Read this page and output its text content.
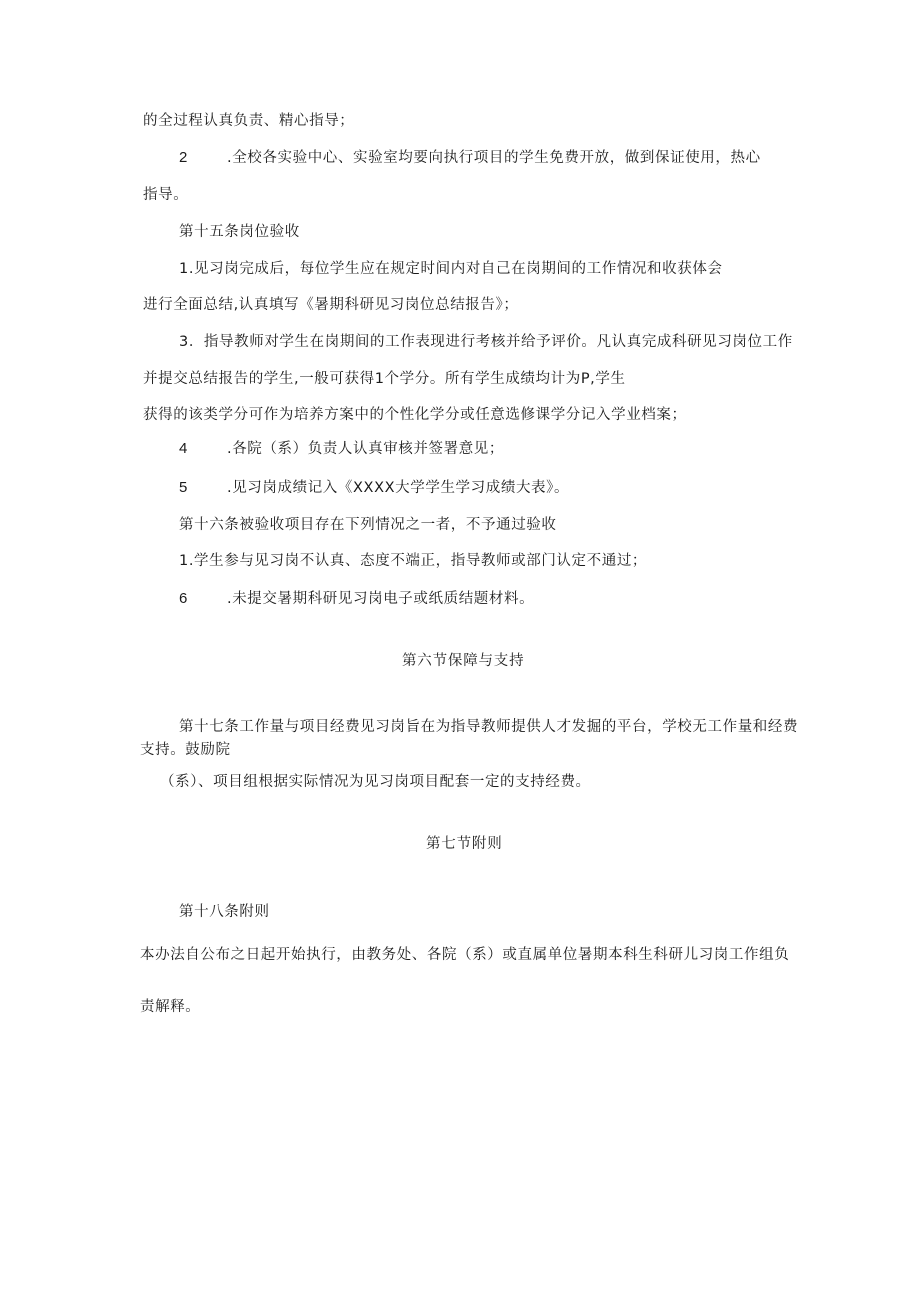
的全过程认真负责、精心指导；

2	.全校各实验中心、实验室均要向执行项目的学生免费开放，做到保证使用，热心

指导。

第十五条岗位验收

1.见习岗完成后，每位学生应在规定时间内对自己在岗期间的工作情况和收获体会

进行全面总结,认真填写《暑期科研见习岗位总结报告》；

3．指导教师对学生在岗期间的工作表现进行考核并给予评价。凡认真完成科研见习岗位工作

并提交总结报告的学生,一般可获得1个学分。所有学生成绩均计为P,学生

获得的该类学分可作为培养方案中的个性化学分或任意选修课学分记入学业档案；

4	.各院（系）负责人认真审核并签署意见；

5	.见习岗成绩记入《XXXX大学学生学习成绩大表》。

第十六条被验收项目存在下列情况之一者，不予通过验收

1.学生参与见习岗不认真、态度不端正，指导教师或部门认定不通过；

6	.未提交暑期科研见习岗电子或纸质结题材料。

第六节保障与支持

第十七条工作量与项目经费见习岗旨在为指导教师提供人才发掘的平台，学校无工作量和经费

支持。鼓励院

（系）、项目组根据实际情况为见习岗项目配套一定的支持经费。

第七节附则

第十八条附则

本办法自公布之日起开始执行，由教务处、各院（系）或直属单位暑期本科生科研儿习岗工作组负

责解释。
